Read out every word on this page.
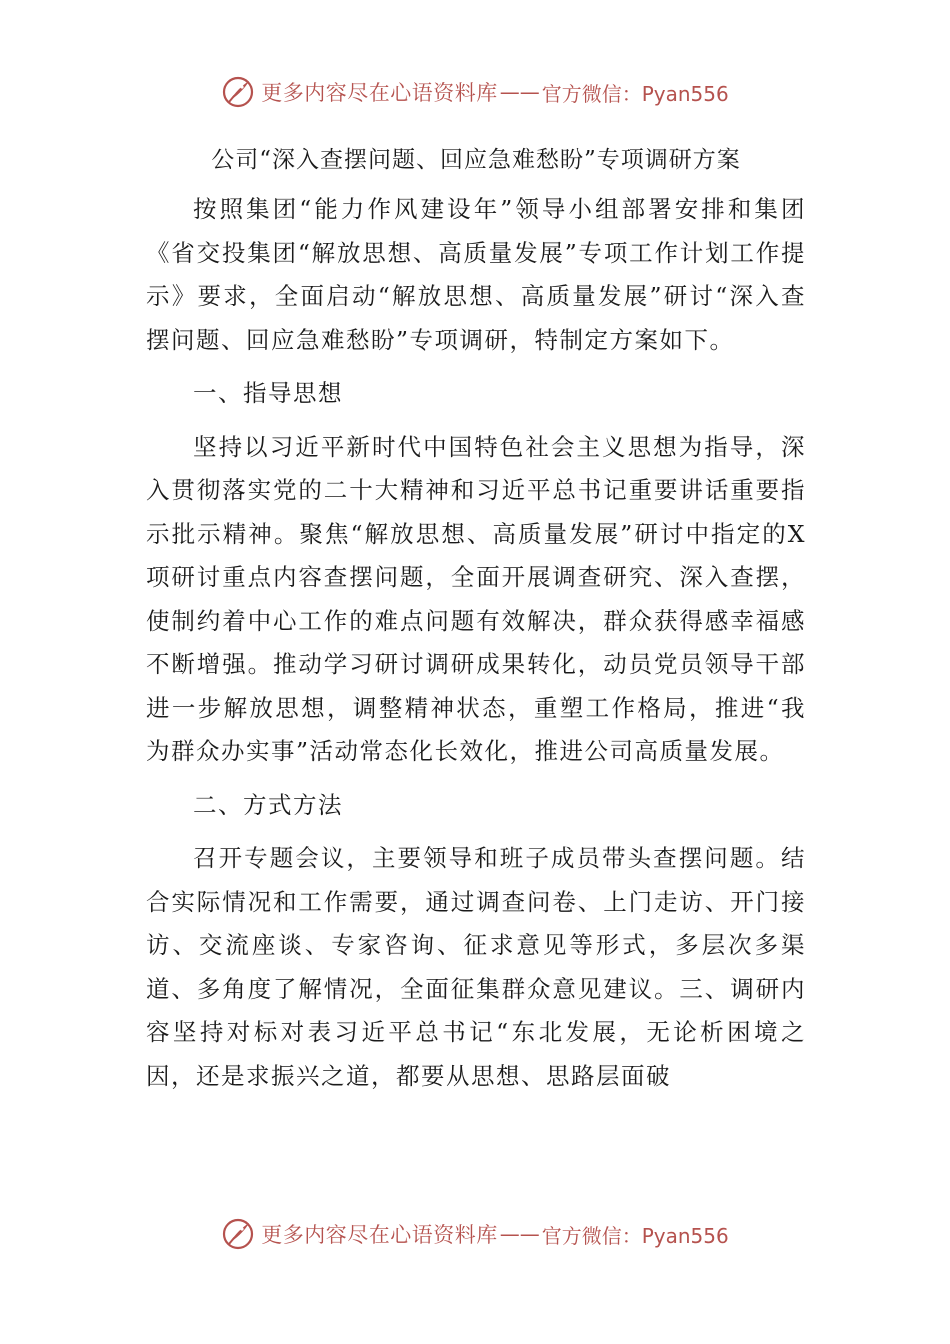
更多内容尽在心语资料库 —— 官方微信：Pyan556
公司“深入查摆问题、回应急难愁盼”专项调研方案

按照集团“能力作风建设年”领导小组部署安排和集团《省交投集团“解放思想、高质量发展”专项工作计划工作提示》要求，全面启动“解放思想、高质量发展”研讨“深入查摆问题、回应急难愁盼”专项调研，特制定方案如下。

一、指导思想

坚持以习近平新时代中国特色社会主义思想为指导，深入贯彻落实党的二十大精神和习近平总书记重要讲话重要指示批示精神。聚焦“解放思想、高质量发展”研讨中指定的X项研讨重点内容查摆问题，全面开展调查研究、深入查摆，使制约着中心工作的难点问题有效解决，群众获得感幸福感不断增强。推动学习研讨调研成果转化，动员党员领导干部进一步解放思想，调整精神状态，重塑工作格局，推进“我为群众办实事”活动常态化长效化，推进公司高质量发展。

二、方式方法

召开专题会议，主要领导和班子成员带头查摆问题。结合实际情况和工作需要，通过调查问卷、上门走访、开门接访、交流座谈、专家咨询、征求意见等形式，多层次多渠道、多角度了解情况，全面征集群众意见建议。三、调研内容坚持对标对表习近平总书记“东北发展，无论析困境之因，还是求振兴之道，都要从思想、思路层面破

更多内容尽在心语资料库 —— 官方微信：Pyan556
